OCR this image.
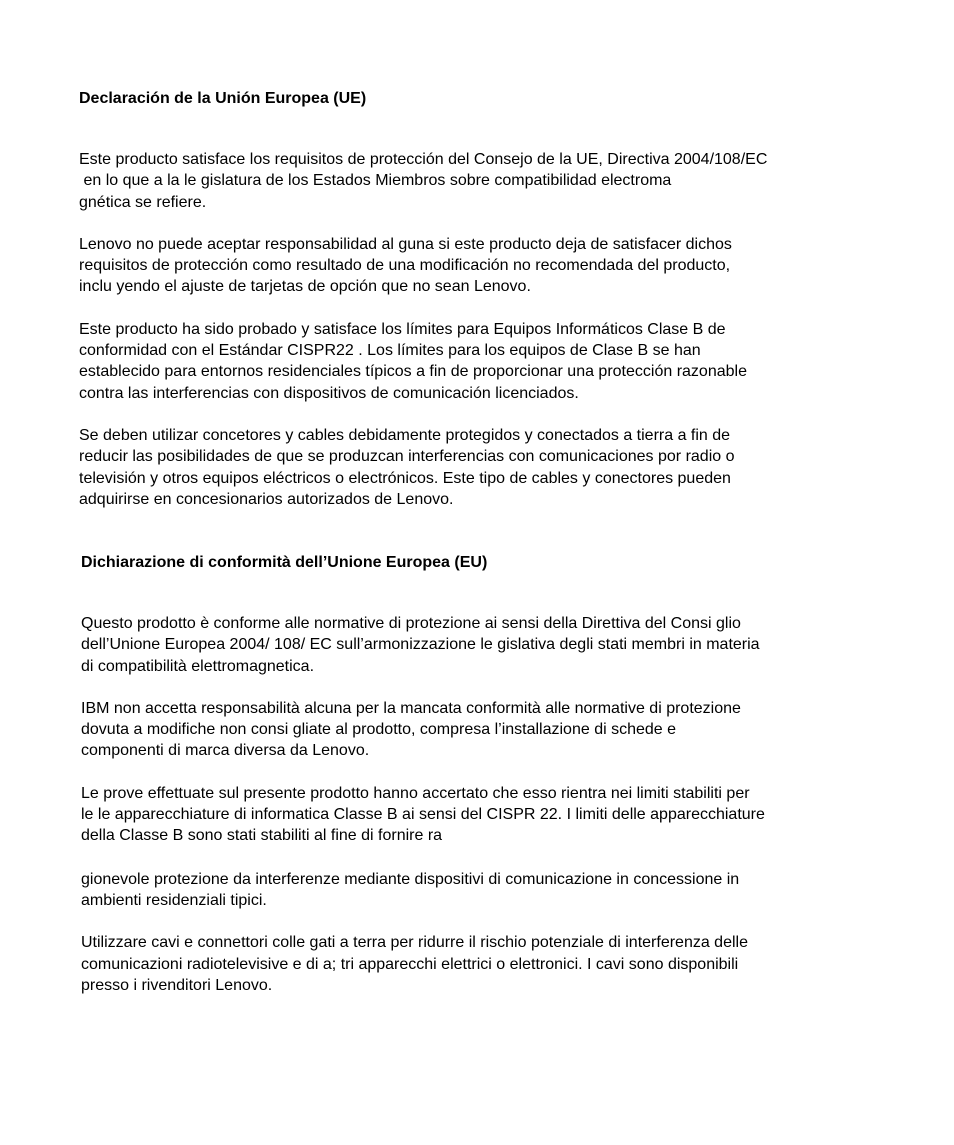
Declaración de la Unión Europea (UE)

Este producto satisface los requisitos de protección del Consejo de la UE, Directiva 2004/108/EC
en lo que a la le gislatura de los Estados Miembros sobre compatibilidad electroma
gnética se refiere.
Lenovo no puede aceptar responsabilidad al guna si este producto deja de satisfacer dichos
requisitos de protección como resultado de una modificación no recomendada del producto,
inclu yendo el ajuste de tarjetas de opción que no sean Lenovo.
Este producto ha sido probado y satisface los límites para Equipos Informáticos Clase B de
conformidad con el Estándar CISPR22 . Los límites para los equipos de Clase B se han
establecido para entornos residenciales típicos a fin de proporcionar una protección razonable
contra las interferencias con dispositivos de comunicación licenciados.
Se deben utilizar concetores y cables debidamente protegidos y conectados a tierra a fin de
reducir las posibilidades de que se produzcan interferencias con comunicaciones por radio o
televisión y otros equipos eléctricos o electrónicos. Este tipo de cables y conectores pueden
adquirirse en concesionarios autorizados de Lenovo.

Dichiarazione di conformità dell’Unione Europea (EU)

Questo prodotto è conforme alle normative di protezione ai sensi della Direttiva del Consi glio
dell’Unione Europea 2004/ 108/ EC sull’armonizzazione le gislativa degli stati membri in materia
di compatibilità elettromagnetica.
IBM non accetta responsabilità alcuna per la mancata conformità alle normative di protezione
dovuta a modifiche non consi gliate al prodotto, compresa l’installazione di schede e
componenti di marca diversa da Lenovo.
Le prove effettuate sul presente prodotto hanno accertato che esso rientra nei limiti stabiliti per
le le apparecchiature di informatica Classe B ai sensi del CISPR 22. I limiti delle apparecchiature
della Classe B sono stati stabiliti al fine di fornire ra
gionevole protezione da interferenze mediante dispositivi di comunicazione in concessione in
ambienti residenziali tipici.
Utilizzare cavi e connettori colle gati a terra per ridurre il rischio potenziale di interferenza delle
comunicazioni radiotelevisive e di a; tri apparecchi elettrici o elettronici. I cavi sono disponibili
presso i rivenditori Lenovo.
